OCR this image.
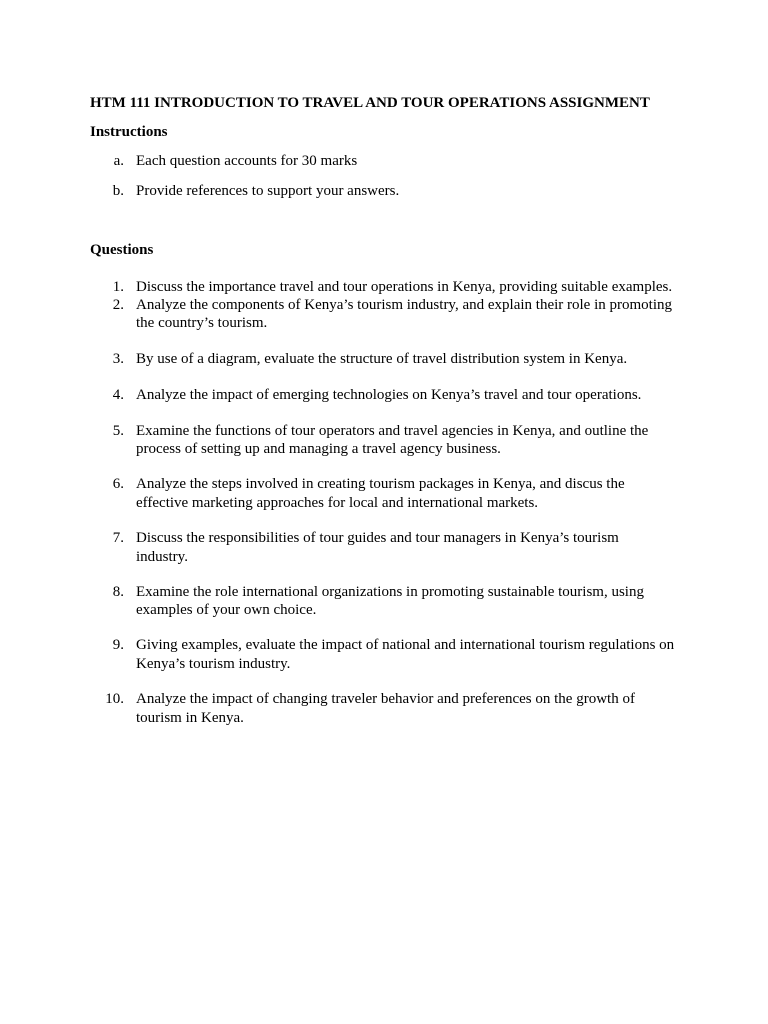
HTM 111 INTRODUCTION TO TRAVEL AND TOUR OPERATIONS ASSIGNMENT
Instructions
a. Each question accounts for 30 marks
b. Provide references to support your answers.
Questions
1. Discuss the importance travel and tour operations in Kenya, providing suitable examples.
2. Analyze the components of Kenya’s tourism industry, and explain their role in promoting
the country’s tourism.
3. By use of a diagram, evaluate the structure of travel distribution system in Kenya.
4. Analyze the impact of emerging technologies on Kenya’s travel and tour operations.
5. Examine the functions of tour operators and travel agencies in Kenya, and outline the
process of setting up and managing a travel agency business.
6. Analyze the steps involved in creating tourism packages in Kenya, and discus the
effective marketing approaches for local and international markets.
7. Discuss the responsibilities of tour guides and tour managers in Kenya’s tourism
industry.
8. Examine the role international organizations in promoting sustainable tourism, using
examples of your own choice.
9. Giving examples, evaluate the impact of national and international tourism regulations on
Kenya’s tourism industry.
10. Analyze the impact of changing traveler behavior and preferences on the growth of
tourism in Kenya.
